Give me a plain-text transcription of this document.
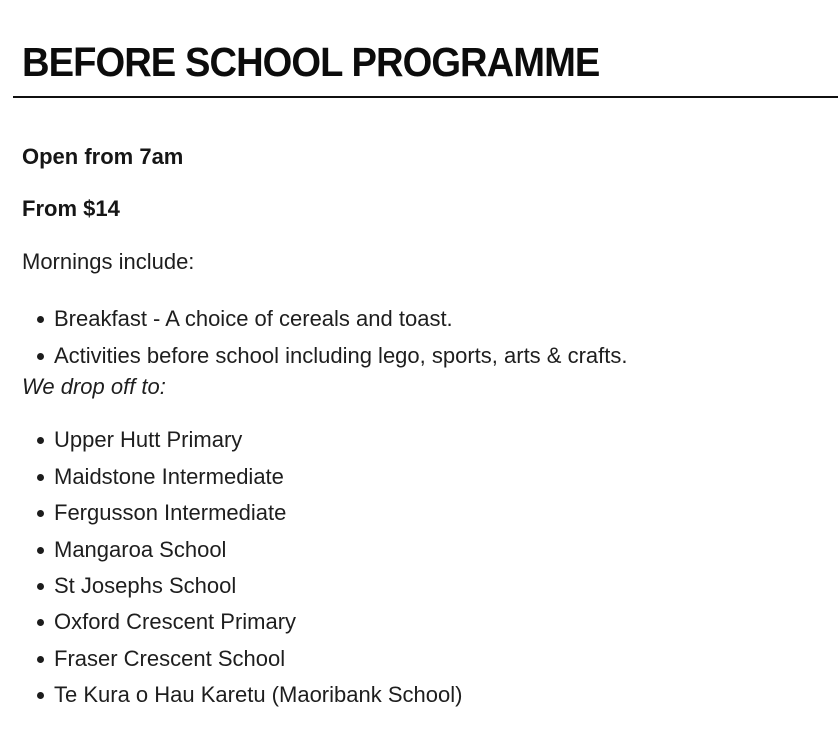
BEFORE SCHOOL PROGRAMME

Open from 7am

From $14

Mornings include:

Breakfast - A choice of cereals and toast.
Activities before school including lego, sports, arts & crafts.

We drop off to:

Upper Hutt Primary
Maidstone Intermediate
Fergusson Intermediate
Mangaroa School
St Josephs School
Oxford Crescent Primary
Fraser Crescent School
Te Kura o Hau Karetu (Maoribank School)
